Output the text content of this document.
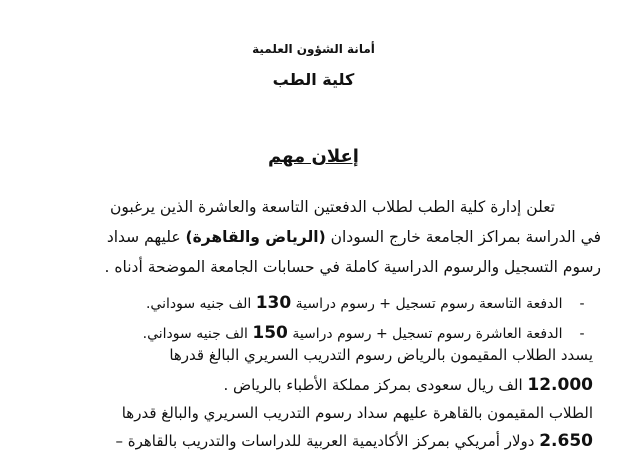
أمانة الشؤون العلمية
كلية الطب
إعلان مهم
تعلن إدارة كلية الطب لطلاب الدفعتين التاسعة والعاشرة الذين يرغبون
في الدراسة بمراكز الجامعة خارج السودان (الرياض والقاهرة) عليهم سداد
رسوم التسجيل والرسوم الدراسية كاملة في حسابات الجامعة الموضحة أدناه .
- الدفعة التاسعة رسوم تسجيل + رسوم دراسية 130 الف جنيه سوداني.
- الدفعة العاشرة رسوم تسجيل + رسوم دراسية 150 الف جنيه سوداني.
يسدد الطلاب المقيمون بالرياض رسوم التدريب السريري البالغ قدرها
12.000 الف ريال سعودى بمركز مملكة الأطباء بالرياض .
الطلاب المقيمون بالقاهرة عليهم سداد رسوم التدريب السريري والبالغ قدرها
2.650 دولار أمريكي بمركز الأكاديمية العربية للدراسات والتدريب بالقاهرة –
